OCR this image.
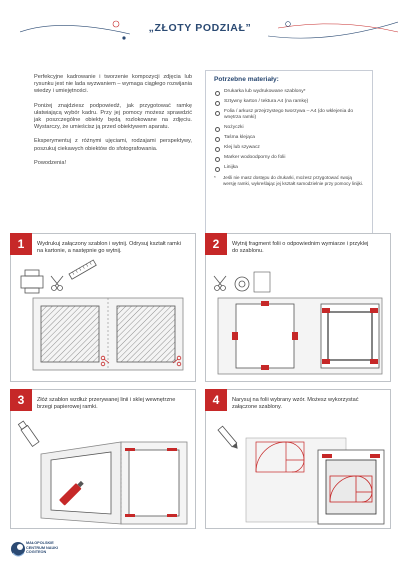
„ZŁOTY PODZIAŁ”

Perfekcyjne kadrowanie i tworzenie kompozycji zdjęcia lub rysunku jest nie lada wyzwaniem – wymaga ciągłego rozwijania wiedzy i umiejętności.

Poniżej znajdziesz podpowiedź, jak przygotować ramkę ułatwiającą wybór kadru. Przy jej pomocy możesz sprawdzić jak poszczególne obiekty będą rozlokowane na zdjęciu. Wystarczy, że umieścisz ją przed obiektywem aparatu.

Eksperymentuj z różnymi ujęciami, rodzajami perspektywy, poszukuj ciekawych obiektów do sfotografowania.

Powodzenia!

Potrzebne materiały:
Drukarka lub wydrukowane szablony*
Sztywny karton / tektura A4 (na ramkę)
Folia / arkusz przejrzystego tworzywa – A4 (do wklejenia do wnętrza ramki)
Nożyczki
Taśma klejąca
Klej lub szywacz
Marker wodoodporny do folii
Linijka
*	Jeśli nie masz dostępu do drukarki, możesz przygotować swoją wersję ramki, wykreślając jej kształt samodzielnie przy pomocy linijki.
1	Wydrukuj załączony szablon i wytnij. Odrysuj kształt ramki na kartonie, a następnie go wytnij.	2	Wytnij fragment folii o odpowiednim wymiarze i przyklej do szablonu.
3	Złóż szablon wzdłuż przerywanej linii i sklej wewnętrzne brzegi papierowej ramki.	4	Narysuj na folii wybrany wzór. Możesz wykorzystać załączone szablony.
MAŁOPOLSKIE
CENTRUM NAUKI
COGITEON
